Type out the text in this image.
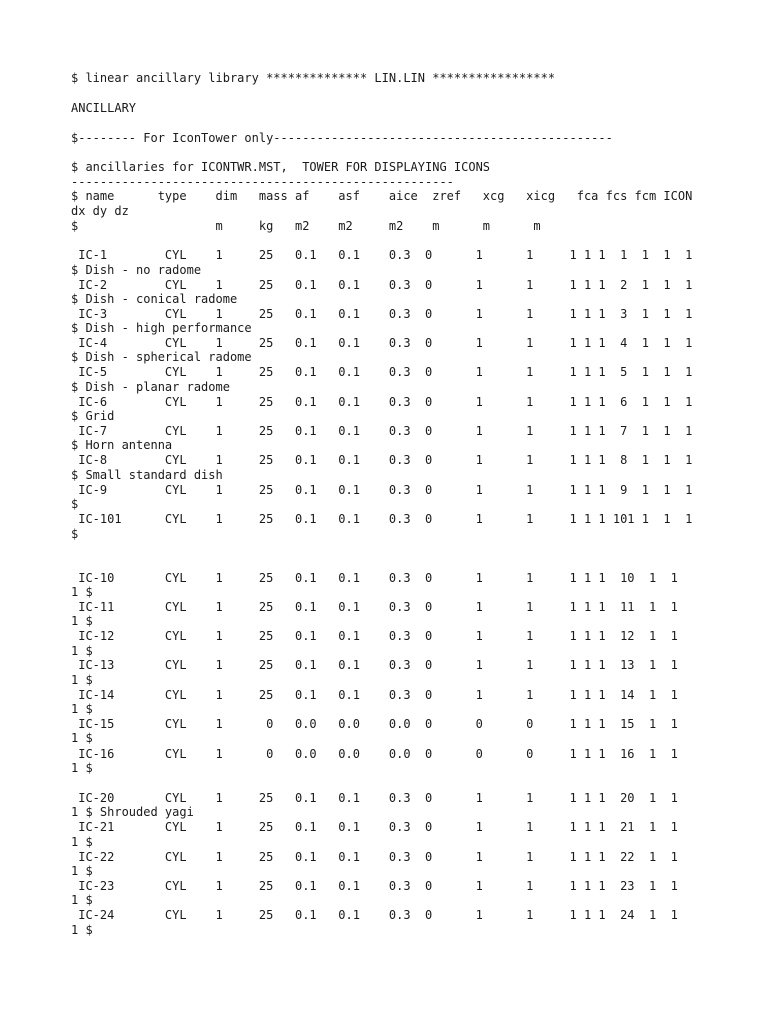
$ linear ancillary library ************** LIN.LIN *****************
ANCILLARY
$-------- For IconTower only-----------------------------------------------
$ ancillaries for ICONTWR.MST,  TOWER FOR DISPLAYING ICONS
-----------------------------------------------------
$ name      type    dim   mass af    asf    aice  zref   xcg   xicg   fca fcs fcm ICON
dx dy dz
$                   m     kg   m2    m2     m2    m      m      m
IC-1        CYL    1     25   0.1   0.1    0.3  0      1      1     1 1 1  1  1  1  1
$ Dish - no radome
IC-2        CYL    1     25   0.1   0.1    0.3  0      1      1     1 1 1  2  1  1  1
$ Dish - conical radome
IC-3        CYL    1     25   0.1   0.1    0.3  0      1      1     1 1 1  3  1  1  1
$ Dish - high performance
IC-4        CYL    1     25   0.1   0.1    0.3  0      1      1     1 1 1  4  1  1  1
$ Dish - spherical radome
IC-5        CYL    1     25   0.1   0.1    0.3  0      1      1     1 1 1  5  1  1  1
$ Dish - planar radome
IC-6        CYL    1     25   0.1   0.1    0.3  0      1      1     1 1 1  6  1  1  1
$ Grid
IC-7        CYL    1     25   0.1   0.1    0.3  0      1      1     1 1 1  7  1  1  1
$ Horn antenna
IC-8        CYL    1     25   0.1   0.1    0.3  0      1      1     1 1 1  8  1  1  1
$ Small standard dish
IC-9        CYL    1     25   0.1   0.1    0.3  0      1      1     1 1 1  9  1  1  1
$
IC-101      CYL    1     25   0.1   0.1    0.3  0      1      1     1 1 1 101 1  1  1
$
IC-10       CYL    1     25   0.1   0.1    0.3  0      1      1     1 1 1  10  1  1
1 $
IC-11       CYL    1     25   0.1   0.1    0.3  0      1      1     1 1 1  11  1  1
1 $
IC-12       CYL    1     25   0.1   0.1    0.3  0      1      1     1 1 1  12  1  1
1 $
IC-13       CYL    1     25   0.1   0.1    0.3  0      1      1     1 1 1  13  1  1
1 $
IC-14       CYL    1     25   0.1   0.1    0.3  0      1      1     1 1 1  14  1  1
1 $
IC-15       CYL    1      0   0.0   0.0    0.0  0      0      0     1 1 1  15  1  1
1 $
IC-16       CYL    1      0   0.0   0.0    0.0  0      0      0     1 1 1  16  1  1
1 $
IC-20       CYL    1     25   0.1   0.1    0.3  0      1      1     1 1 1  20  1  1
1 $ Shrouded yagi
IC-21       CYL    1     25   0.1   0.1    0.3  0      1      1     1 1 1  21  1  1
1 $
IC-22       CYL    1     25   0.1   0.1    0.3  0      1      1     1 1 1  22  1  1
1 $
IC-23       CYL    1     25   0.1   0.1    0.3  0      1      1     1 1 1  23  1  1
1 $
IC-24       CYL    1     25   0.1   0.1    0.3  0      1      1     1 1 1  24  1  1
1 $
